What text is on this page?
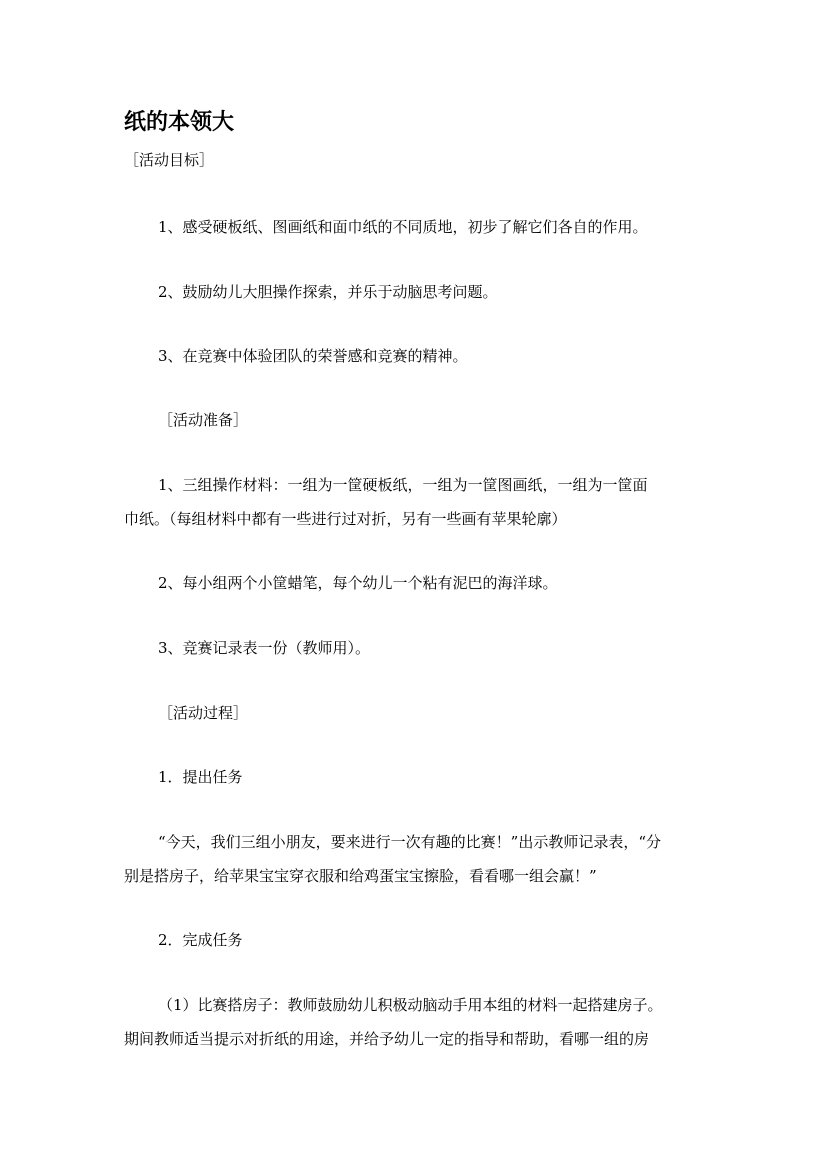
纸的本领大
［活动目标］
1、感受硬板纸、图画纸和面巾纸的不同质地，初步了解它们各自的作用。
2、鼓励幼儿大胆操作探索，并乐于动脑思考问题。
3、在竞赛中体验团队的荣誉感和竞赛的精神。
［活动准备］
1、三组操作材料：一组为一筐硬板纸，一组为一筐图画纸，一组为一筐面
巾纸。（每组材料中都有一些进行过对折，另有一些画有苹果轮廓）
2、每小组两个小筐蜡笔，每个幼儿一个粘有泥巴的海洋球。
3、竞赛记录表一份（教师用）。
［活动过程］
1．提出任务
“今天，我们三组小朋友，要来进行一次有趣的比赛！”出示教师记录表，“分
别是搭房子，给苹果宝宝穿衣服和给鸡蛋宝宝擦脸，看看哪一组会赢！”
2．完成任务
（1）比赛搭房子：教师鼓励幼儿积极动脑动手用本组的材料一起搭建房子。
期间教师适当提示对折纸的用途，并给予幼儿一定的指导和帮助，看哪一组的房
